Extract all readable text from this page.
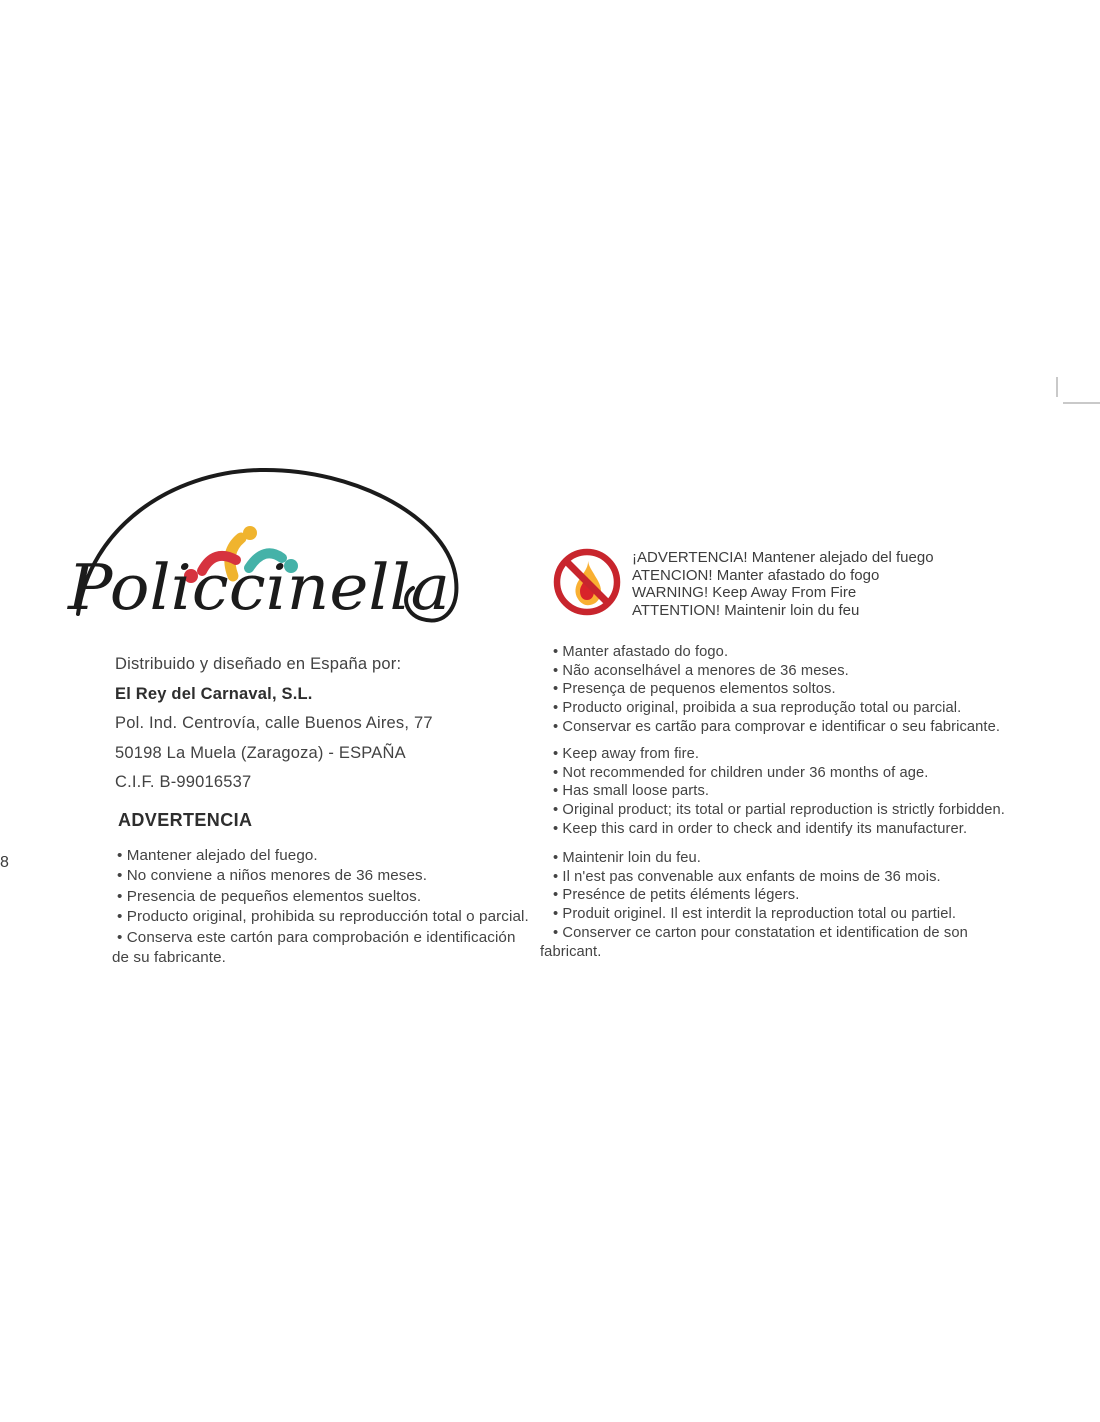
8
Policcinella
Distribuido y diseñado en España por:
El Rey del Carnaval, S.L.
Pol. Ind. Centrovía, calle Buenos Aires, 77
50198 La Muela (Zaragoza) - ESPAÑA
C.I.F. B-99016537
ADVERTENCIA
• Mantener alejado del fuego.
• No conviene a niños menores de 36 meses.
• Presencia de pequeños elementos sueltos.
• Producto original, prohibida su reproducción total o parcial.
• Conserva este cartón para comprobación e identificación
de su fabricante.
¡ADVERTENCIA! Mantener alejado del fuego
ATENCION! Manter afastado do fogo
WARNING! Keep Away From Fire
ATTENTION! Maintenir loin du feu
• Manter afastado do fogo.
• Não aconselhável a menores de 36 meses.
• Presença de pequenos elementos soltos.
• Producto original, proibida a sua reprodução total ou parcial.
• Conservar es cartão para comprovar e identificar o seu fabricante.
• Keep away from fire.
• Not recommended for children under 36 months of age.
• Has small loose parts.
• Original product; its total or partial reproduction is strictly forbidden.
• Keep this card in order to check and identify its manufacturer.
• Maintenir loin du feu.
• Il n'est pas convenable aux enfants de moins de 36 mois.
• Presénce de petits éléments légers.
• Produit originel. Il est interdit la reproduction total ou partiel.
• Conserver ce carton pour constatation et identification de son
fabricant.
